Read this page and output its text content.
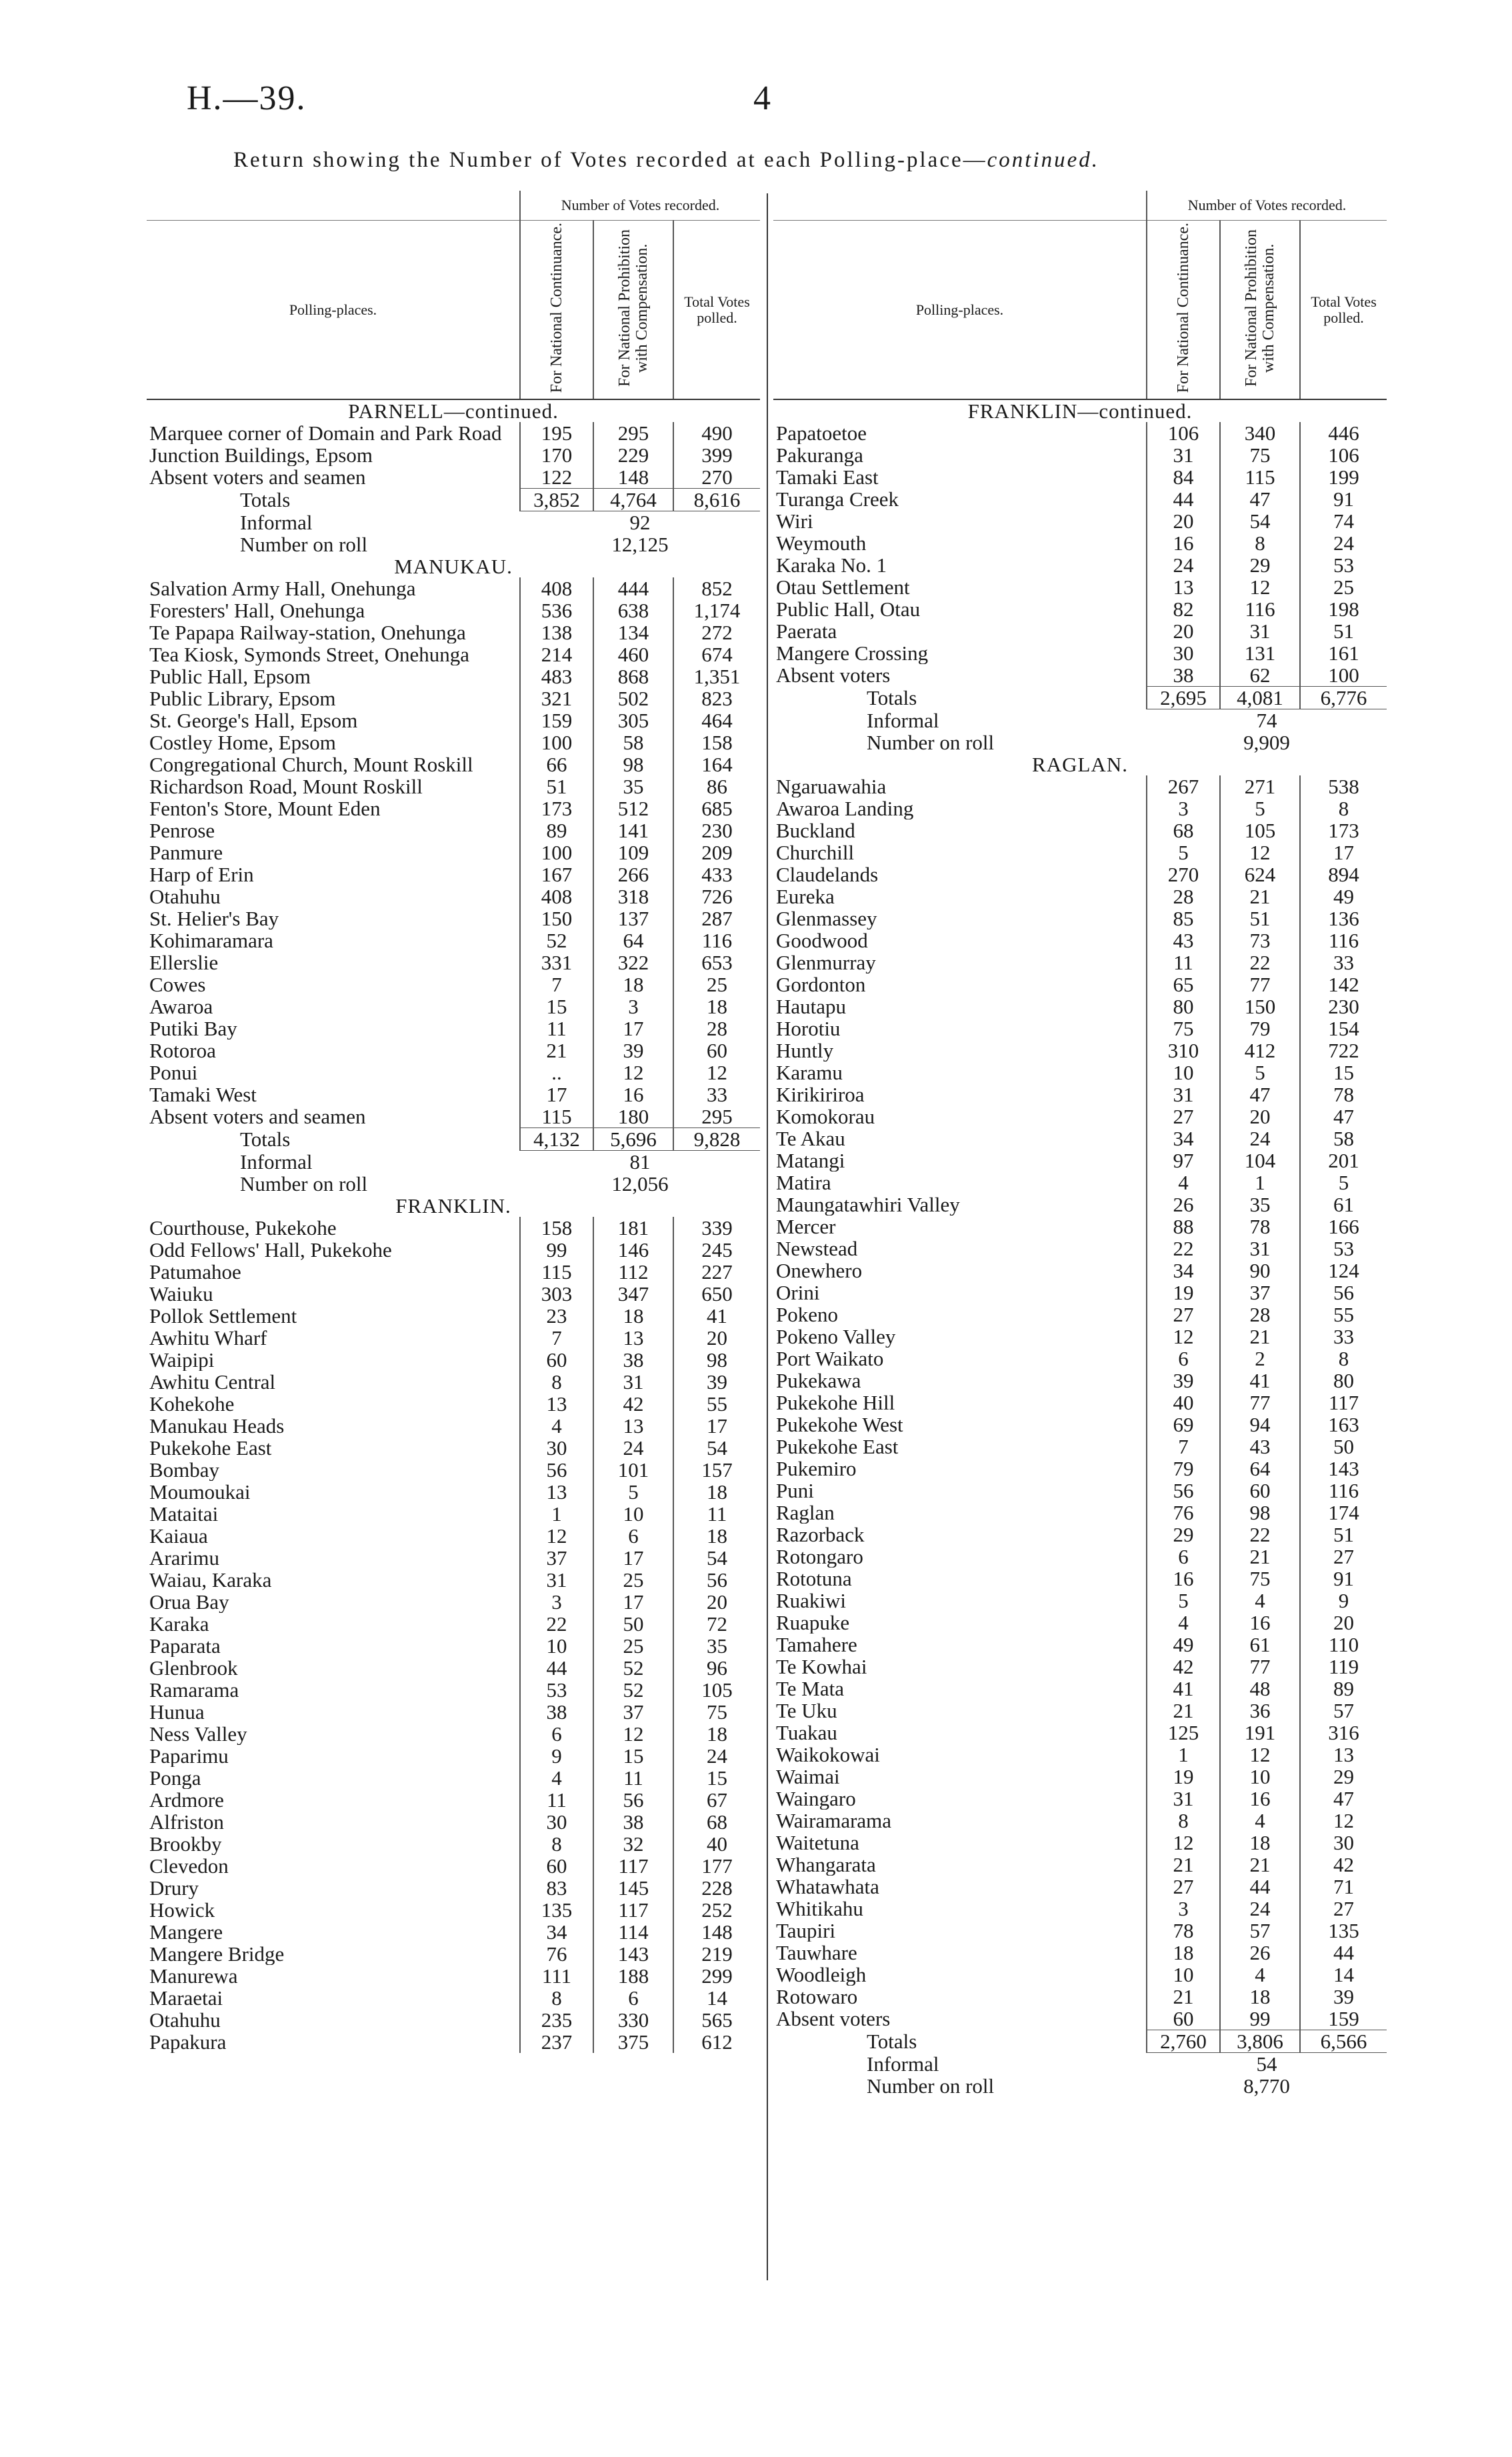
H.—39.	4
Return showing the Number of Votes recorded at each Polling-place—continued.
	Number of Votes recorded.		
Polling-places.	For National Continuance.	For National Prohibition with Compensation.	Total Votes polled.
PARNELL—continued.			
Marquee corner of Domain and Park Road	195	295	490
Junction Buildings, Epsom	170	229	399
Absent voters and seamen	122	148	270
Totals	3,852	4,764	8,616
Informal	92		
Number on roll	12,125		
MANUKAU.			
Salvation Army Hall, Onehunga	408	444	852
Foresters' Hall, Onehunga	536	638	1,174
Te Papapa Railway-station, Onehunga	138	134	272
Tea Kiosk, Symonds Street, Onehunga	214	460	674
Public Hall, Epsom	483	868	1,351
Public Library, Epsom	321	502	823
St. George's Hall, Epsom	159	305	464
Costley Home, Epsom	100	58	158
Congregational Church, Mount Roskill	66	98	164
Richardson Road, Mount Roskill	51	35	86
Fenton's Store, Mount Eden	173	512	685
Penrose	89	141	230
Panmure	100	109	209
Harp of Erin	167	266	433
Otahuhu	408	318	726
St. Helier's Bay	150	137	287
Kohimaramara	52	64	116
Ellerslie	331	322	653
Cowes	7	18	25
Awaroa	15	3	18
Putiki Bay	11	17	28
Rotoroa	21	39	60
Ponui	..	12	12
Tamaki West	17	16	33
Absent voters and seamen	115	180	295
Totals	4,132	5,696	9,828
Informal	81		
Number on roll	12,056		
FRANKLIN.			
Courthouse, Pukekohe	158	181	339
Odd Fellows' Hall, Pukekohe	99	146	245
Patumahoe	115	112	227
Waiuku	303	347	650
Pollok Settlement	23	18	41
Awhitu Wharf	7	13	20
Waipipi	60	38	98
Awhitu Central	8	31	39
Kohekohe	13	42	55
Manukau Heads	4	13	17
Pukekohe East	30	24	54
Bombay	56	101	157
Moumoukai	13	5	18
Mataitai	1	10	11
Kaiaua	12	6	18
Ararimu	37	17	54
Waiau, Karaka	31	25	56
Orua Bay	3	17	20
Karaka	22	50	72
Paparata	10	25	35
Glenbrook	44	52	96
Ramarama	53	52	105
Hunua	38	37	75
Ness Valley	6	12	18
Paparimu	9	15	24
Ponga	4	11	15
Ardmore	11	56	67
Alfriston	30	38	68
Brookby	8	32	40
Clevedon	60	117	177
Drury	83	145	228
Howick	135	117	252
Mangere	34	114	148
Mangere Bridge	76	143	219
Manurewa	111	188	299
Maraetai	8	6	14
Otahuhu	235	330	565
Papakura	237	375	612
	Number of Votes recorded.		
Polling-places.	For National Continuance.	For National Prohibition with Compensation.	Total Votes polled.
FRANKLIN—continued.			
Papatoetoe	106	340	446
Pakuranga	31	75	106
Tamaki East	84	115	199
Turanga Creek	44	47	91
Wiri	20	54	74
Weymouth	16	8	24
Karaka No. 1	24	29	53
Otau Settlement	13	12	25
Public Hall, Otau	82	116	198
Paerata	20	31	51
Mangere Crossing	30	131	161
Absent voters	38	62	100
Totals	2,695	4,081	6,776
Informal	74		
Number on roll	9,909		
RAGLAN.			
Ngaruawahia	267	271	538
Awaroa Landing	3	5	8
Buckland	68	105	173
Churchill	5	12	17
Claudelands	270	624	894
Eureka	28	21	49
Glenmassey	85	51	136
Goodwood	43	73	116
Glenmurray	11	22	33
Gordonton	65	77	142
Hautapu	80	150	230
Horotiu	75	79	154
Huntly	310	412	722
Karamu	10	5	15
Kirikiriroa	31	47	78
Komokorau	27	20	47
Te Akau	34	24	58
Matangi	97	104	201
Matira	4	1	5
Maungatawhiri Valley	26	35	61
Mercer	88	78	166
Newstead	22	31	53
Onewhero	34	90	124
Orini	19	37	56
Pokeno	27	28	55
Pokeno Valley	12	21	33
Port Waikato	6	2	8
Pukekawa	39	41	80
Pukekohe Hill	40	77	117
Pukekohe West	69	94	163
Pukekohe East	7	43	50
Pukemiro	79	64	143
Puni	56	60	116
Raglan	76	98	174
Razorback	29	22	51
Rotongaro	6	21	27
Rototuna	16	75	91
Ruakiwi	5	4	9
Ruapuke	4	16	20
Tamahere	49	61	110
Te Kowhai	42	77	119
Te Mata	41	48	89
Te Uku	21	36	57
Tuakau	125	191	316
Waikokowai	1	12	13
Waimai	19	10	29
Waingaro	31	16	47
Wairamarama	8	4	12
Waitetuna	12	18	30
Whangarata	21	21	42
Whatawhata	27	44	71
Whitikahu	3	24	27
Taupiri	78	57	135
Tauwhare	18	26	44
Woodleigh	10	4	14
Rotowaro	21	18	39
Absent voters	60	99	159
Totals	2,760	3,806	6,566
Informal	54		
Number on roll	8,770		
